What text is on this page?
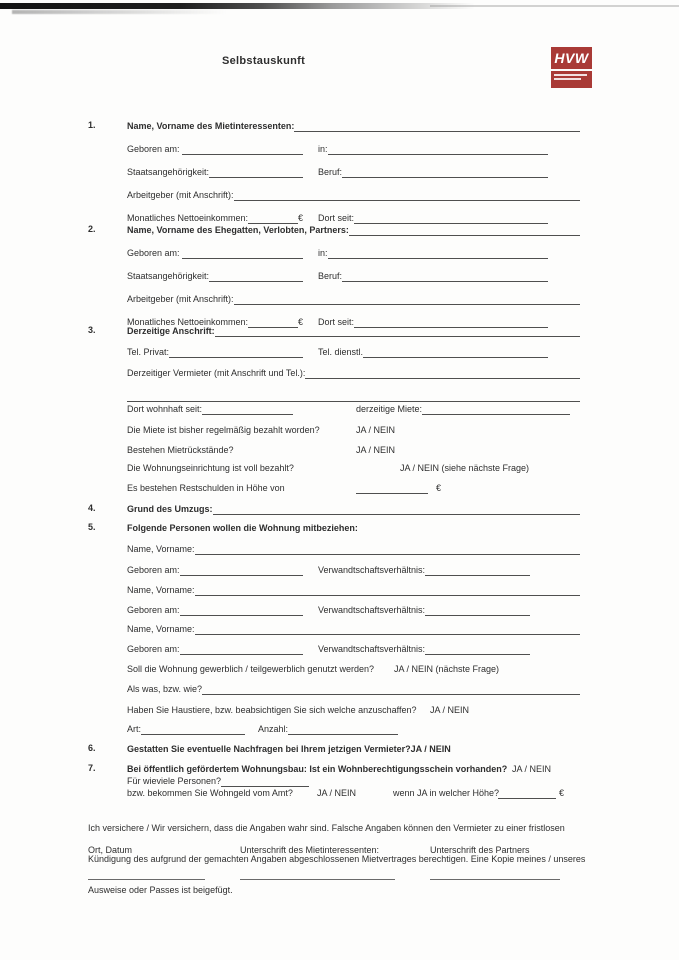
Selbstauskunft	HVW
1.	Name, Vorname des Mietinteressenten:
Geboren am:	in:
Staatsangehörigkeit:	Beruf:
Arbeitgeber (mit Anschrift):
Monatliches Nettoeinkommen:	€ Dort seit:
2.	Name, Vorname des Ehegatten, Verlobten, Partners:
Geboren am:	in:
Staatsangehörigkeit:	Beruf:
Arbeitgeber (mit Anschrift):
Monatliches Nettoeinkommen:	€ Dort seit:
3.	Derzeitige Anschrift:
Tel. Privat:	Tel. dienstl.
Derzeitiger Vermieter (mit Anschrift und Tel.):
Dort wohnhaft seit:	derzeitige Miete:
Die Miete ist bisher regelmäßig bezahlt worden?	JA / NEIN
Bestehen Mietrückstände?	JA / NEIN
Die Wohnungseinrichtung ist voll bezahlt?	JA / NEIN (siehe nächste Frage)
Es bestehen Restschulden in Höhe von	€
4.	Grund des Umzugs:
5.	Folgende Personen wollen die Wohnung mitbeziehen:
Name, Vorname:
Geboren am:	Verwandtschaftsverhältnis:
Name, Vorname:
Geboren am:	Verwandtschaftsverhältnis:
Name, Vorname:
Geboren am:	Verwandtschaftsverhältnis:
Soll die Wohnung gewerblich / teilgewerblich genutzt werden? JA / NEIN (nächste Frage)
Als was, bzw. wie?
Haben Sie Haustiere, bzw. beabsichtigen Sie sich welche anzuschaffen? JA / NEIN
Art:	Anzahl:
6.	Gestatten Sie eventuelle Nachfragen bei Ihrem jetzigen Vermieter?JA / NEIN
7.	Bei öffentlich gefördertem Wohnungsbau: Ist ein Wohnberechtigungsschein vorhanden? JA / NEIN
Für wieviele Personen?
bzw. bekommen Sie Wohngeld vom Amt?	JA / NEIN	wenn JA in welcher Höhe?	€

Ich versichere / Wir versichern, dass die Angaben wahr sind. Falsche Angaben können den Vermieter zu einer fristlosen

Kündigung des aufgrund der gemachten Angaben abgeschlossenen Mietvertrages berechtigen. Eine Kopie meines / unseres

Ausweise oder Passes ist beigefügt.

Ort, Datum	Unterschrift des Mietinteressenten:	Unterschrift des Partners
